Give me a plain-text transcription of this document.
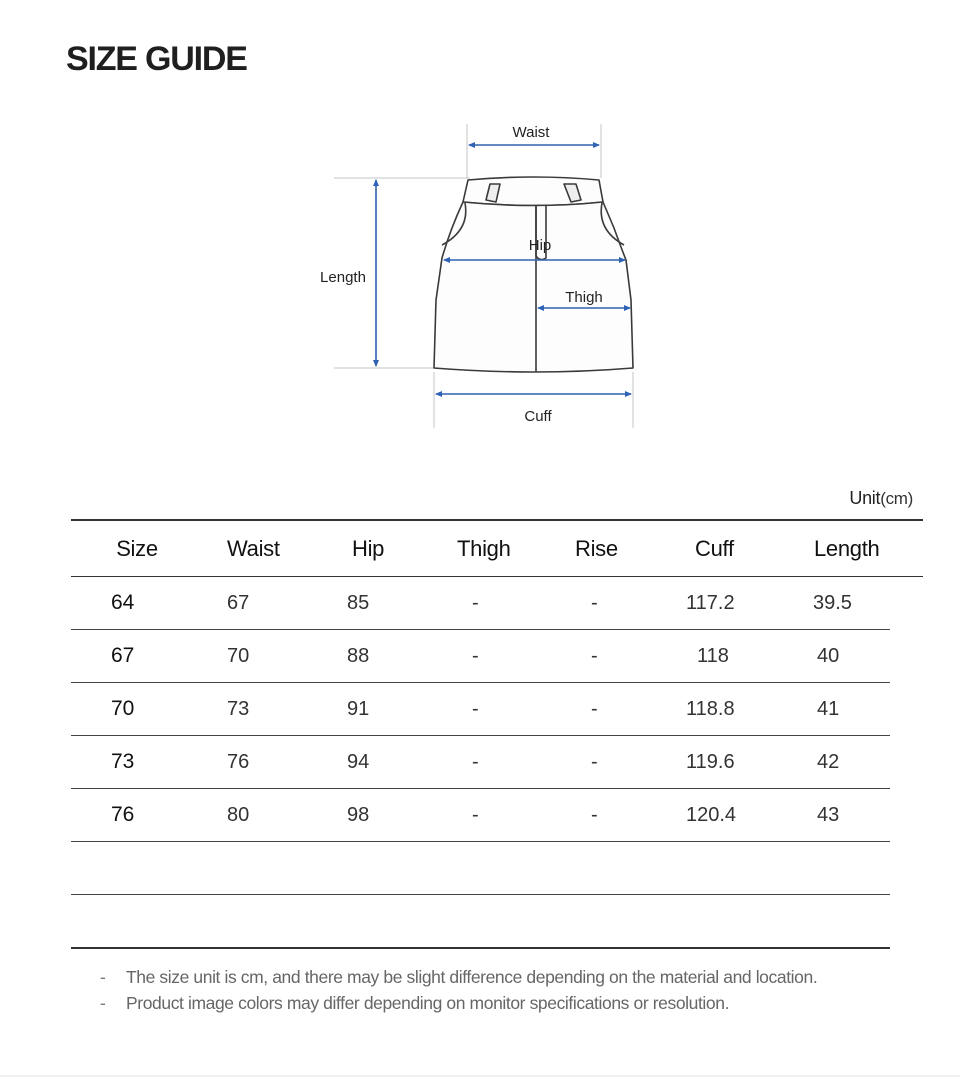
SIZE GUIDE
Waist
Hip
Thigh
Length
Cuff
Unit(cm)
Size	Waist	Hip	Thigh	Rise	Cuff	Length
64	67	85	-	-	117.2	39.5
67	70	88	-	-	118	40
70	73	91	-	-	118.8	41
73	76	94	-	-	119.6	42
76	80	98	-	-	120.4	43

- The size unit is cm, and there may be slight difference depending on the material and location.
- Product image colors may differ depending on monitor specifications or resolution.
